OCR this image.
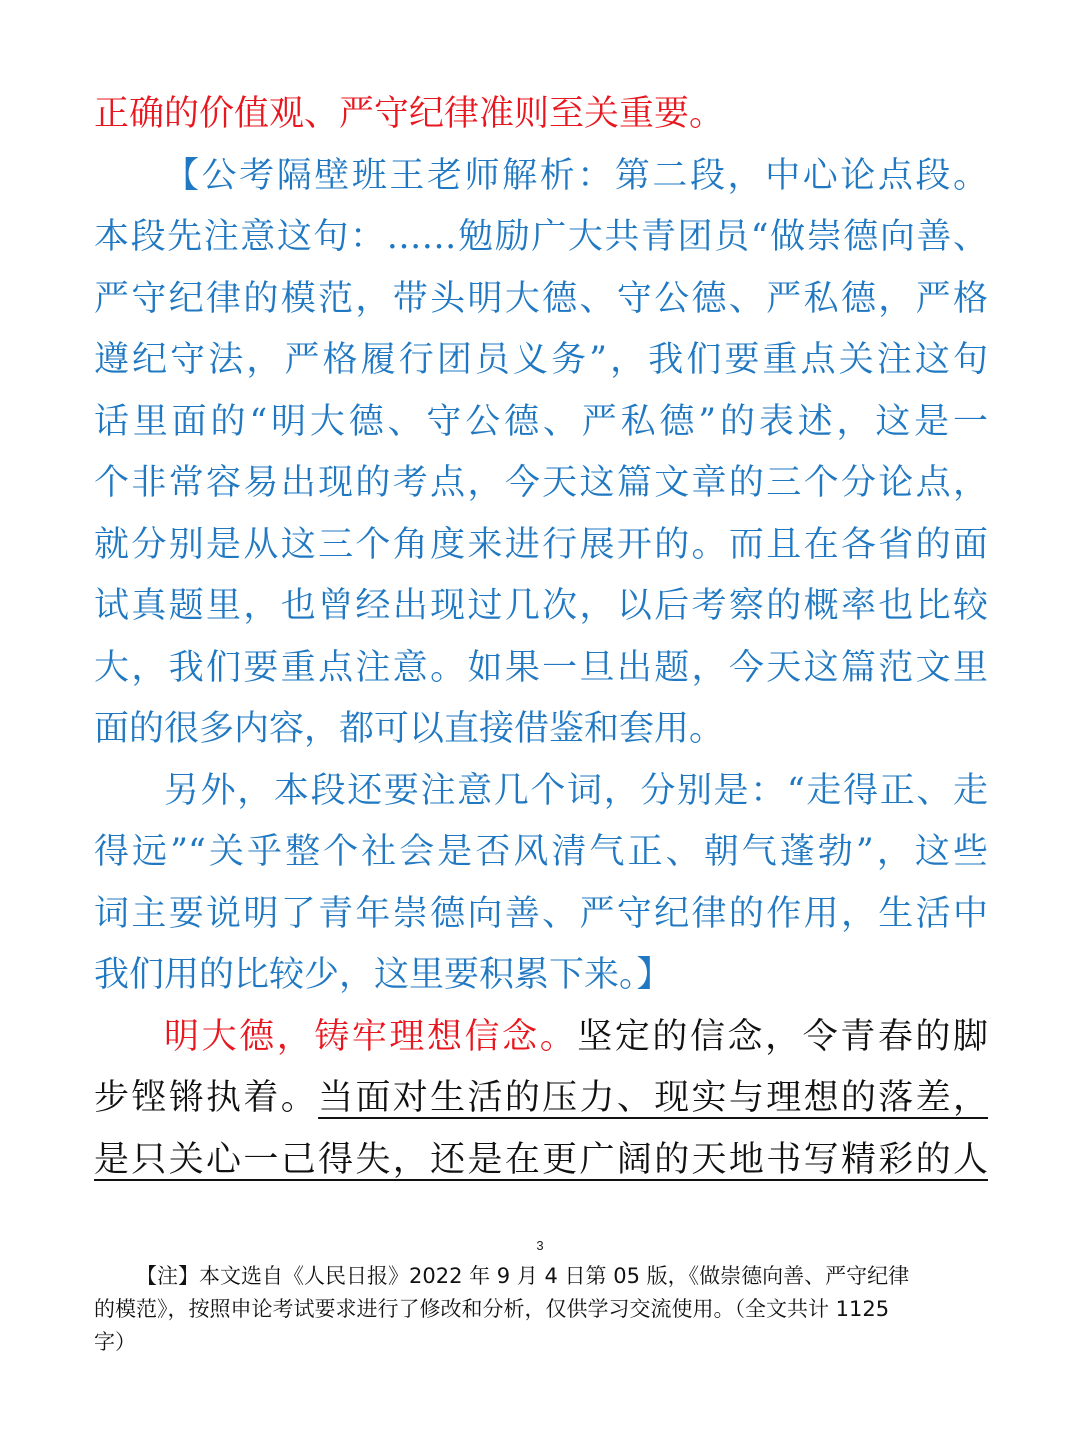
正确的价值观、严守纪律准则至关重要。
【公考隔壁班王老师解析：第二段，中心论点段。
本段先注意这句：……勉励广大共青团员“做崇德向善、
严守纪律的模范，带头明大德、守公德、严私德，严格
遵纪守法，严格履行团员义务”，我们要重点关注这句
话里面的“明大德、守公德、严私德”的表述，这是一
个非常容易出现的考点，今天这篇文章的三个分论点，
就分别是从这三个角度来进行展开的。而且在各省的面
试真题里，也曾经出现过几次，以后考察的概率也比较
大，我们要重点注意。如果一旦出题，今天这篇范文里
面的很多内容，都可以直接借鉴和套用。
另外，本段还要注意几个词，分别是：“走得正、走
得远”“关乎整个社会是否风清气正、朝气蓬勃”，这些
词主要说明了青年崇德向善、严守纪律的作用，生活中
我们用的比较少，这里要积累下来。】
明大德，铸牢理想信念。坚定的信念，令青春的脚
步铿锵执着。当面对生活的压力、现实与理想的落差，
是只关心一己得失，还是在更广阔的天地书写精彩的人
3
【注】本文选自《人民日报》2022 年 9 月 4 日第 05 版，《做崇德向善、严守纪律
的模范》，按照申论考试要求进行了修改和分析，仅供学习交流使用。（全文共计 1125
字）
